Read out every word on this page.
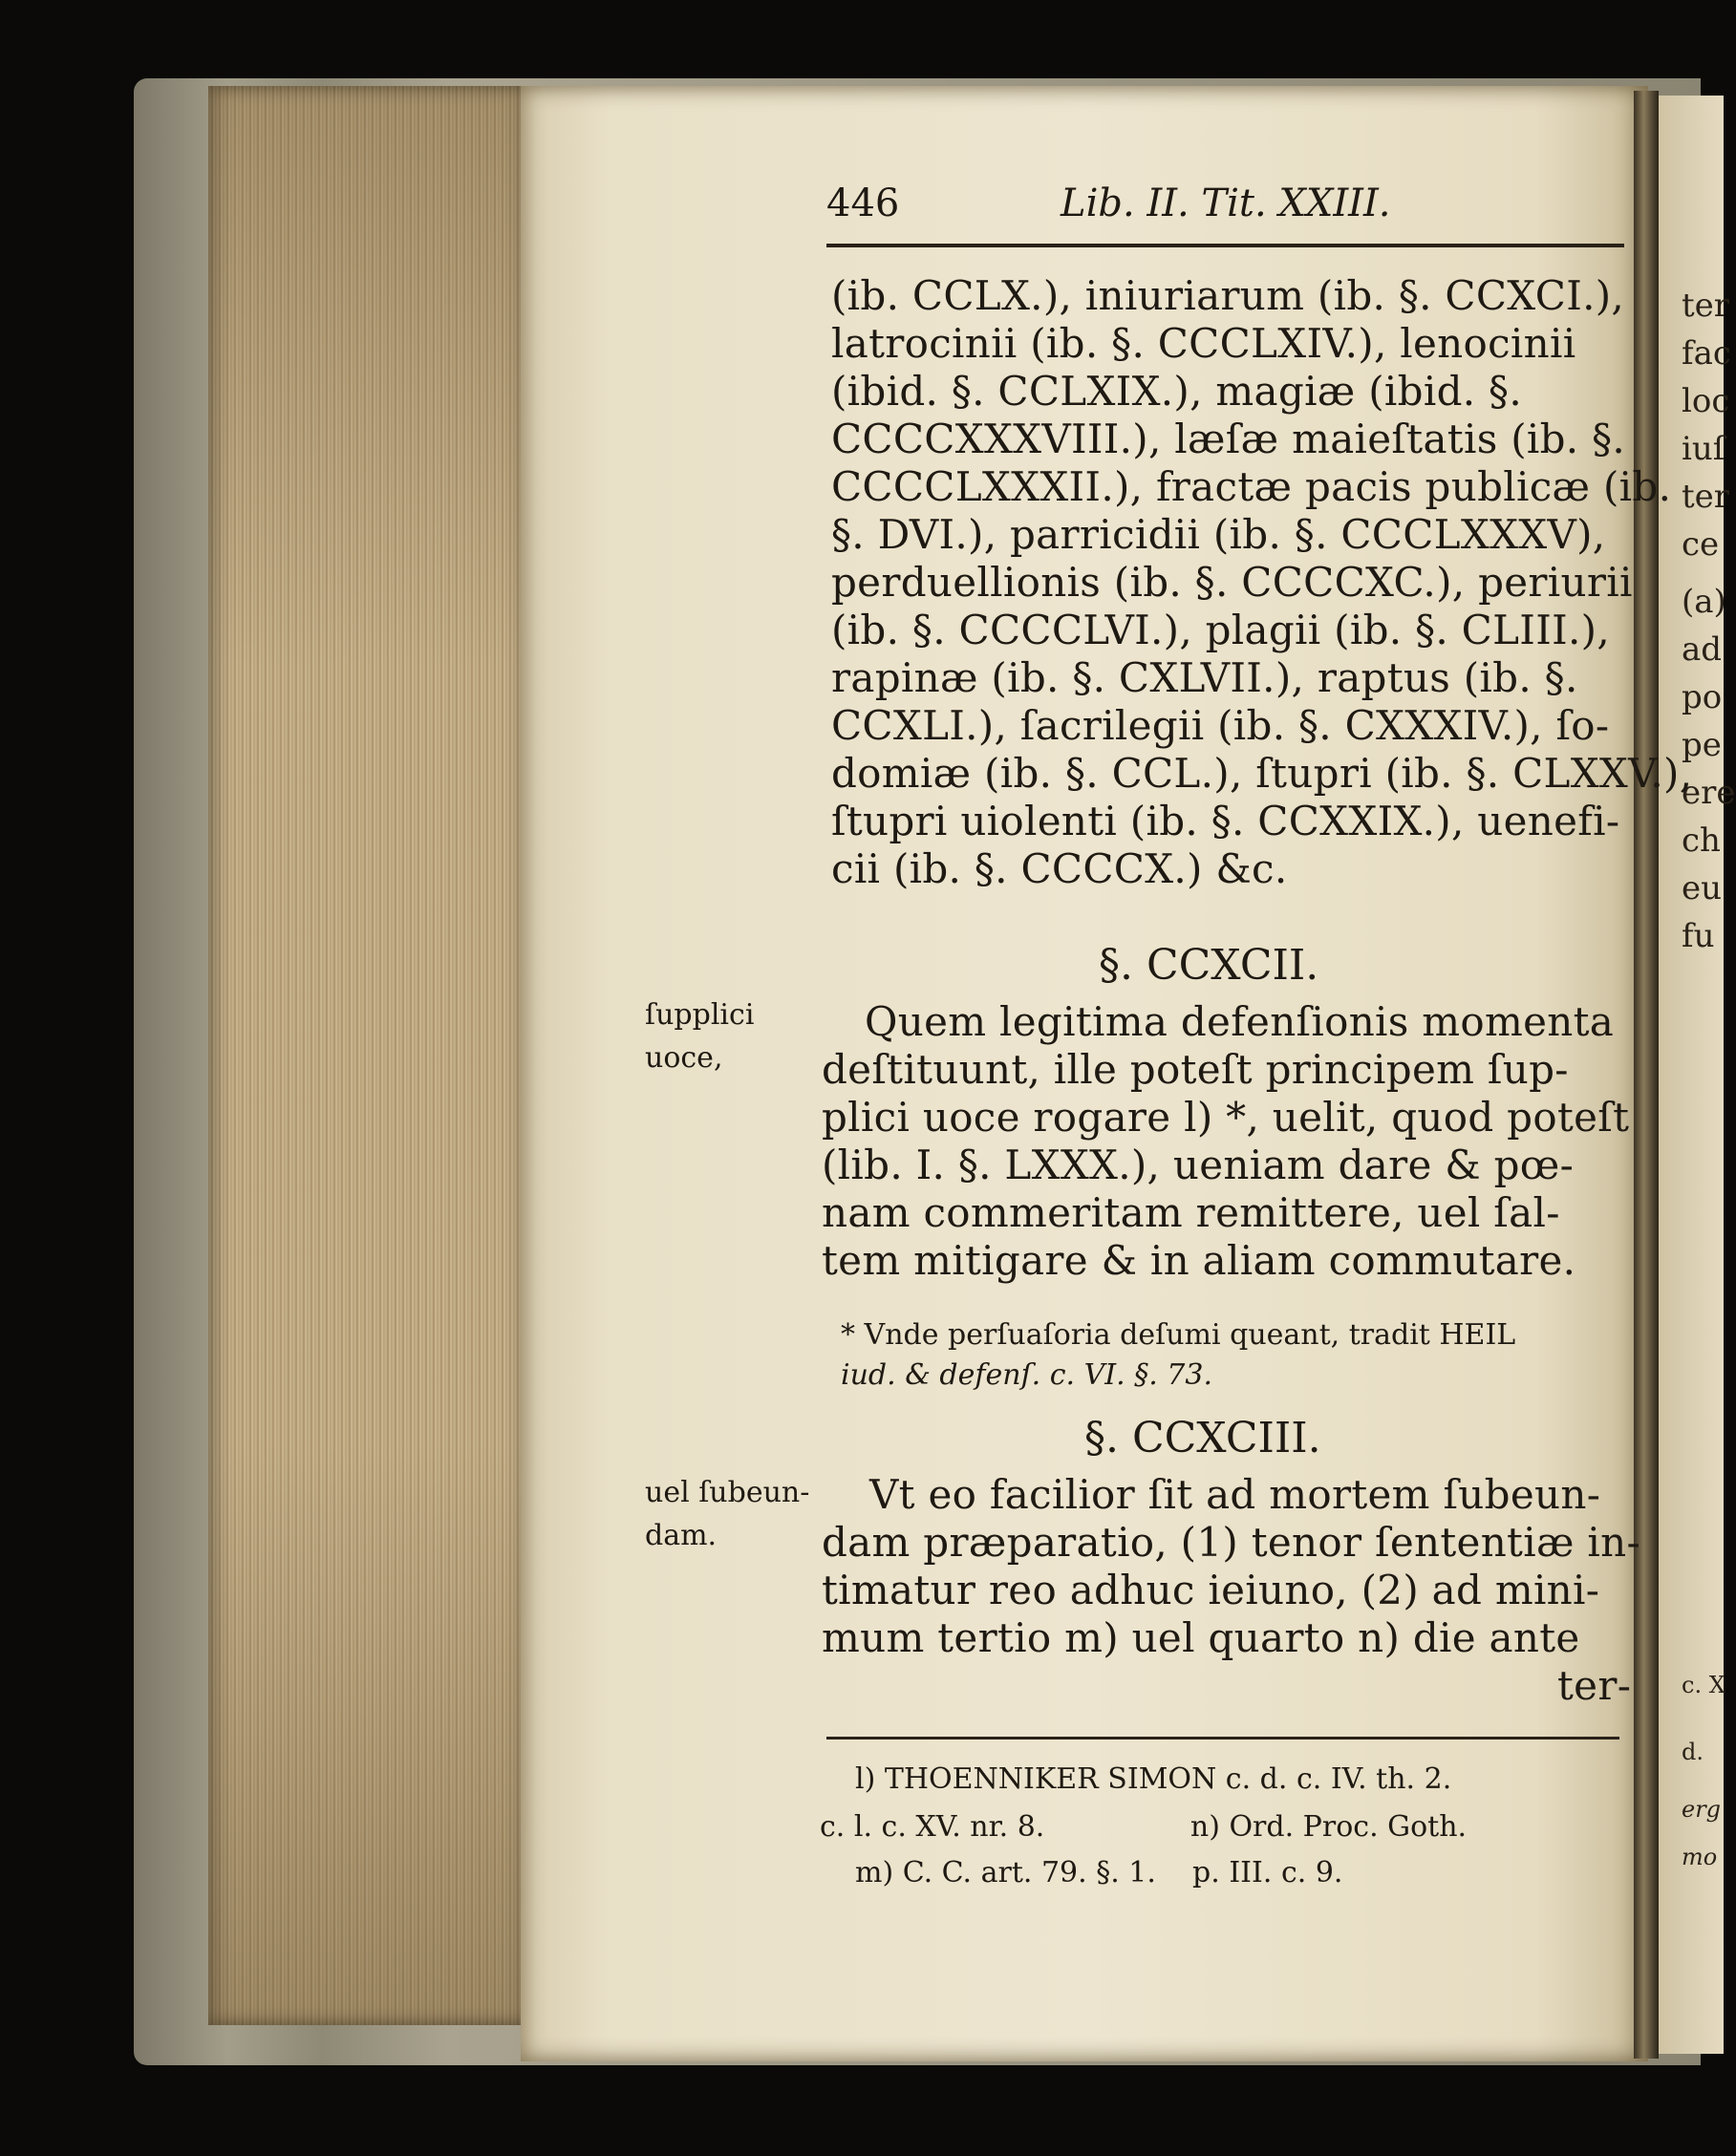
ter
fac
loc
iuſ
ter
ce
(a)
ad
po
pe
ere
ch
eu
fu
c. X
d.
erg
mo
446	Lib. II. Tit. XXIII.
(ib. CCLX.), iniuriarum (ib. §. CCXCI.),
latrocinii (ib. §. CCCLXIV.), lenocinii
(ibid. §. CCLXIX.), magiæ (ibid. §.
CCCCXXXVIII.), læſæ maieſtatis (ib. §.
CCCCLXXXII.), fractæ pacis publicæ (ib.
§. DVI.), parricidii (ib. §. CCCLXXXV),
perduellionis (ib. §. CCCCXC.), periurii
(ib. §. CCCCLVI.), plagii (ib. §. CLIII.),
rapinæ (ib. §. CXLVII.), raptus (ib. §.
CCXLI.), ſacrilegii (ib. §. CXXXIV.), ſo-
domiæ (ib. §. CCL.), ſtupri (ib. §. CLXXV.),
ſtupri uiolenti (ib. §. CCXXIX.), uenefi-
cii (ib. §. CCCCX.) &c.
§. CCXCII.
ſupplici
uoce,
Quem legitima defenſionis momenta
deſtituunt, ille poteſt principem ſup-
plici uoce rogare l) *, uelit, quod poteſt
(lib. I. §. LXXX.), ueniam dare & pœ-
nam commeritam remittere, uel ſal-
tem mitigare & in aliam commutare.
* Vnde perſuaſoria deſumi queant, tradit HEIL
iud. & defenſ. c. VI. §. 73.
§. CCXCIII.
uel ſubeun-
dam.
Vt eo facilior ſit ad mortem ſubeun-
dam præparatio, (1) tenor ſententiæ in-
timatur reo adhuc ieiuno, (2) ad mini-
mum tertio m) uel quarto n) die ante
ter-
l) THOENNIKER SIMON c. d. c. IV. th. 2.
c. l. c. XV. nr. 8.                n) Ord. Proc. Goth.
m) C. C. art. 79. §. 1.    p. III. c. 9.
